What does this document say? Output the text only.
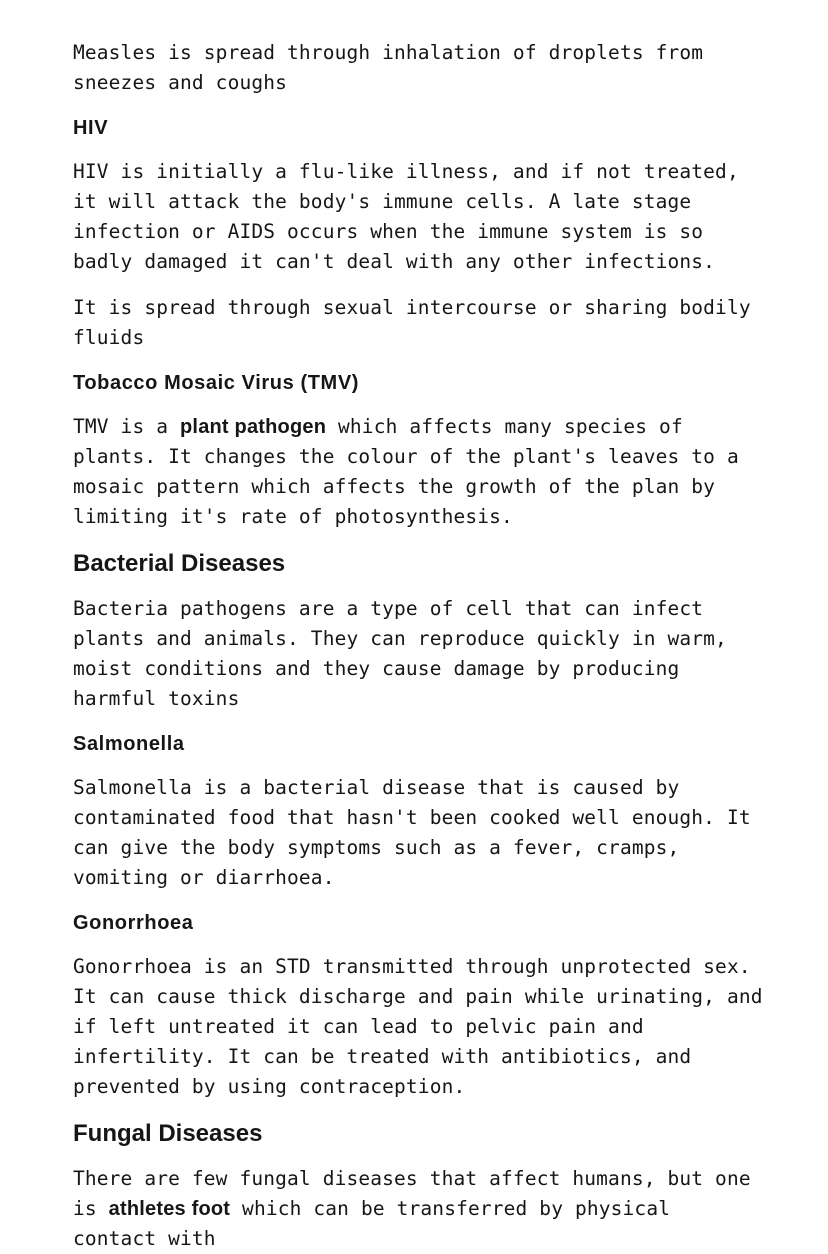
Measles is spread through inhalation of droplets from sneezes and coughs

HIV

HIV is initially a flu-like illness, and if not treated, it will attack the body's immune cells. A late stage infection or AIDS occurs when the immune system is so badly damaged it can't deal with any other infections.

It is spread through sexual intercourse or sharing bodily fluids

Tobacco Mosaic Virus (TMV)

TMV is a plant pathogen which affects many species of plants. It changes the colour of the plant's leaves to a mosaic pattern which affects the growth of the plan by limiting it's rate of photosynthesis.

Bacterial Diseases

Bacteria pathogens are a type of cell that can infect plants and animals. They can reproduce quickly in warm, moist conditions and they cause damage by producing harmful toxins

Salmonella

Salmonella is a bacterial disease that is caused by contaminated food that hasn't been cooked well enough. It can give the body symptoms such as a fever, cramps, vomiting or diarrhoea.

Gonorrhoea

Gonorrhoea is an STD transmitted through unprotected sex. It can cause thick discharge and pain while urinating, and if left untreated it can lead to pelvic pain and infertility. It can be treated with antibiotics, and prevented by using contraception.

Fungal Diseases

There are few fungal diseases that affect humans, but one is athletes foot which can be transferred by physical contact with
